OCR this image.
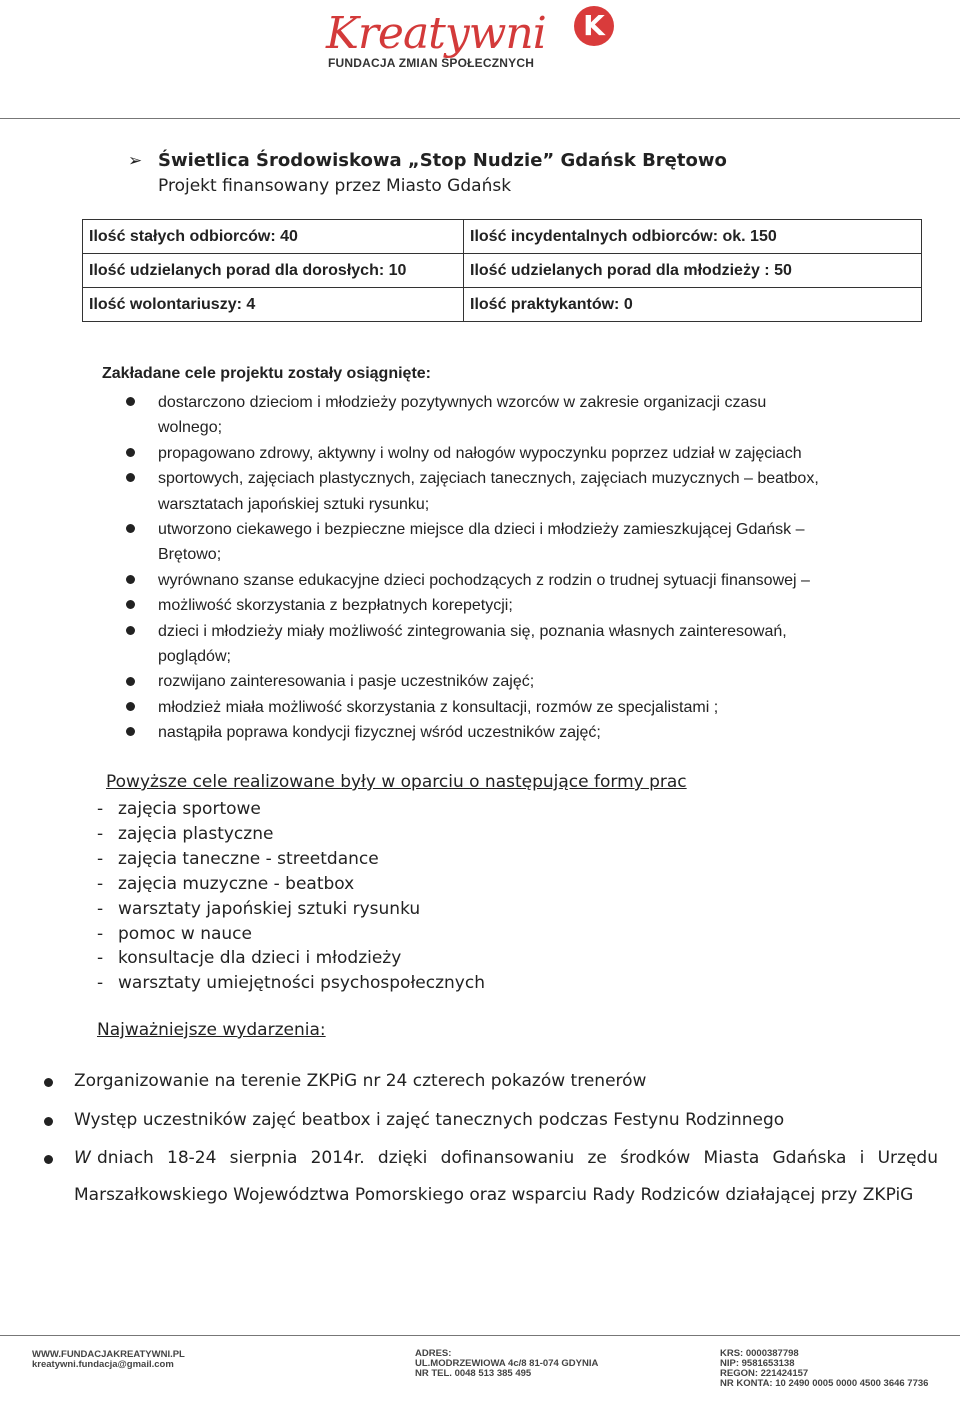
Kreatywni	K
FUNDACJA ZMIAN SPOŁECZNYCH
➢ Świetlica Środowiskowa „Stop Nudzie” Gdańsk Brętowo
Projekt finansowany przez Miasto Gdańsk
Ilość stałych odbiorców: 40	Ilość incydentalnych odbiorców: ok. 150
Ilość udzielanych porad dla dorosłych: 10	Ilość udzielanych porad dla młodzieży : 50
Ilość wolontariuszy: 4	Ilość praktykantów: 0
Zakładane cele projektu zostały osiągnięte:
dostarczono dzieciom i młodzieży pozytywnych wzorców w zakresie organizacji czasu
wolnego;
propagowano zdrowy, aktywny i wolny od nałogów wypoczynku poprzez udział w zajęciach
sportowych, zajęciach plastycznych, zajęciach tanecznych, zajęciach muzycznych – beatbox,
warsztatach japońskiej sztuki rysunku;
utworzono ciekawego i bezpieczne miejsce dla dzieci i młodzieży zamieszkującej Gdańsk –
Brętowo;
wyrównano szanse edukacyjne dzieci pochodzących z rodzin o trudnej sytuacji finansowej –
możliwość skorzystania z bezpłatnych korepetycji;
dzieci i młodzieży miały możliwość zintegrowania się, poznania własnych zainteresowań,
poglądów;
rozwijano zainteresowania i pasje uczestników zajęć;
młodzież miała możliwość skorzystania z konsultacji, rozmów ze specjalistami ;
nastąpiła poprawa kondycji fizycznej wśród uczestników zajęć;
Powyższe cele realizowane były w oparciu o następujące formy prac
- zajęcia sportowe
- zajęcia plastyczne
- zajęcia taneczne - streetdance
- zajęcia muzyczne - beatbox
- warsztaty japońskiej sztuki rysunku
- pomoc w nauce
- konsultacje dla dzieci i młodzieży
- warsztaty umiejętności psychospołecznych
Najważniejsze wydarzenia:
Zorganizowanie na terenie ZKPiG nr 24 czterech pokazów trenerów
Występ uczestników zajęć beatbox i zajęć tanecznych podczas Festynu Rodzinnego
W dniach 18-24 sierpnia 2014r. dzięki dofinansowaniu ze środków Miasta Gdańska i Urzędu
Marszałkowskiego Województwa Pomorskiego oraz wsparciu Rady Rodziców działającej przy ZKPiG
WWW.FUNDACJAKREATYWNI.PL
kreatywni.fundacja@gmail.com
ADRES:
UL.MODRZEWIOWA 4c/8 81-074 GDYNIA
NR TEL. 0048 513 385 495
KRS: 0000387798
NIP: 9581653138
REGON: 221424157
NR KONTA: 10 2490 0005 0000 4500 3646 7736
